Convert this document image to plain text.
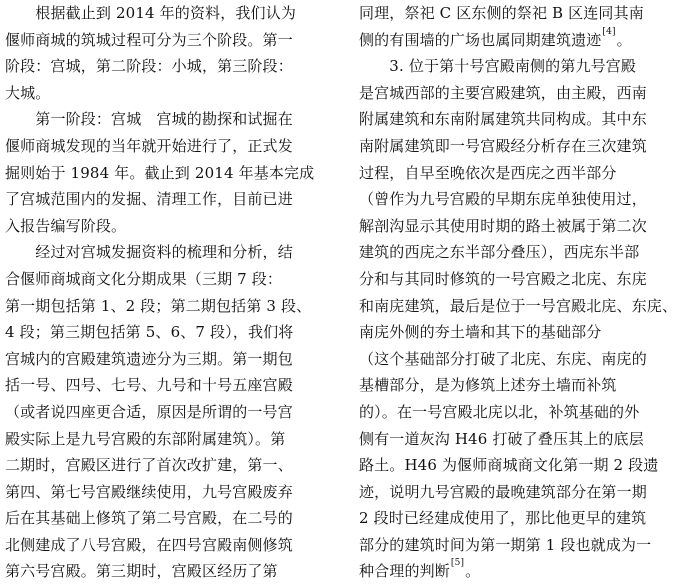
　　根据截止到 2014 年的资料，我们认为
偃师商城的筑城过程可分为三个阶段。第一
阶段：宫城，第二阶段：小城，第三阶段：
大城。
　　第一阶段：宫城　宫城的勘探和试掘在
偃师商城发现的当年就开始进行了，正式发
掘则始于 1984 年。截止到 2014 年基本完成
了宫城范围内的发掘、清理工作，目前已进
入报告编写阶段。
　　经过对宫城发掘资料的梳理和分析，结
合偃师商城商文化分期成果（三期 7 段：
第一期包括第 1、2 段；第二期包括第 3 段、
4 段；第三期包括第 5、6、7 段），我们将
宫城内的宫殿建筑遗迹分为三期。第一期包
括一号、四号、七号、九号和十号五座宫殿
（或者说四座更合适，原因是所谓的一号宫
殿实际上是九号宫殿的东部附属建筑）。第
二期时，宫殿区进行了首次改扩建，第一、
第四、第七号宫殿继续使用，九号宫殿废弃
后在其基础上修筑了第二号宫殿，在二号的
北侧建成了八号宫殿，在四号宫殿南侧修筑
第六号宫殿。第三期时，宫殿区经历了第
同理，祭祀 C 区东侧的祭祀 B 区连同其南
侧的有围墙的广场也属同期建筑遗迹[4]。
　　3. 位于第十号宫殿南侧的第九号宫殿
是宫城西部的主要宫殿建筑，由主殿，西南
附属建筑和东南附属建筑共同构成。其中东
南附属建筑即一号宫殿经分析存在三次建筑
过程，自早至晚依次是西庑之西半部分
（曾作为九号宫殿的早期东庑单独使用过，
解剖沟显示其使用时期的路土被属于第二次
建筑的西庑之东半部分叠压），西庑东半部
分和与其同时修筑的一号宫殿之北庑、东庑
和南庑建筑，最后是位于一号宫殿北庑、东庑、
南庑外侧的夯土墙和其下的基础部分
（这个基础部分打破了北庑、东庑、南庑的
基槽部分，是为修筑上述夯土墙而补筑
的）。在一号宫殿北庑以北，补筑基础的外
侧有一道灰沟 H46 打破了叠压其上的底层
路土。H46 为偃师商城商文化第一期 2 段遗
迹，说明九号宫殿的最晚建筑部分在第一期
2 段时已经建成使用了，那比他更早的建筑
部分的建筑时间为第一期第 1 段也就成为一
种合理的判断[5]。
